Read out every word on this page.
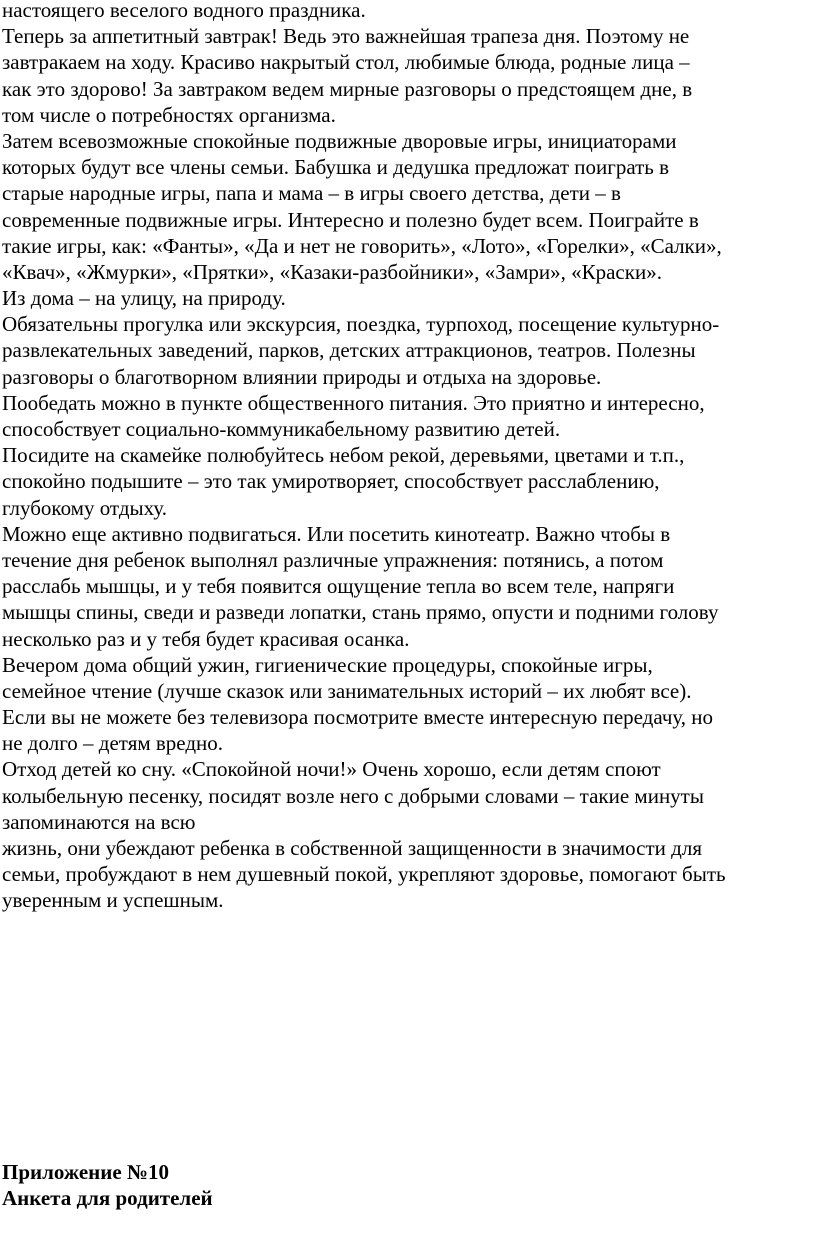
настоящего веселого водного праздника.
Теперь за аппетитный завтрак! Ведь это важнейшая трапеза дня. Поэтому не
завтракаем на ходу. Красиво накрытый стол, любимые блюда, родные лица –
как это здорово! За завтраком ведем мирные разговоры о предстоящем дне, в
том числе о потребностях организма.
Затем всевозможные спокойные подвижные дворовые игры, инициаторами
которых будут все члены семьи. Бабушка и дедушка предложат поиграть в
старые народные игры, папа и мама – в игры своего детства, дети – в
современные подвижные игры. Интересно и полезно будет всем. Поиграйте в
такие игры, как: «Фанты», «Да и нет не говорить», «Лото», «Горелки», «Салки»,
«Квач», «Жмурки», «Прятки», «Казаки-разбойники», «Замри», «Краски».
Из дома – на улицу, на природу.
Обязательны прогулка или экскурсия, поездка, турпоход, посещение культурно-
развлекательных заведений, парков, детских аттракционов, театров. Полезны
разговоры о благотворном влиянии природы и отдыха на здоровье.
Пообедать можно в пункте общественного питания. Это приятно и интересно,
способствует социально-коммуникабельному развитию детей.
Посидите на скамейке полюбуйтесь небом рекой, деревьями, цветами и т.п.,
спокойно подышите – это так умиротворяет, способствует расслаблению,
глубокому отдыху.
Можно еще активно подвигаться. Или посетить кинотеатр. Важно чтобы в
течение дня ребенок выполнял различные упражнения: потянись, а потом
расслабь мышцы, и у тебя появится ощущение тепла во всем теле, напряги
мышцы спины, сведи и разведи лопатки, стань прямо, опусти и подними голову
несколько раз и у тебя будет красивая осанка.
Вечером дома общий ужин, гигиенические процедуры, спокойные игры,
семейное чтение (лучше сказок или занимательных историй – их любят все).
Если вы не можете без телевизора посмотрите вместе интересную передачу, но
не долго – детям вредно.
Отход детей ко сну. «Спокойной ночи!» Очень хорошо, если детям споют
колыбельную песенку, посидят возле него с добрыми словами – такие минуты
запоминаются на всю
жизнь, они убеждают ребенка в собственной защищенности в значимости для
семьи, пробуждают в нем душевный покой, укрепляют здоровье, помогают быть
уверенным и успешным.
Приложение №10
Анкета для родителей
